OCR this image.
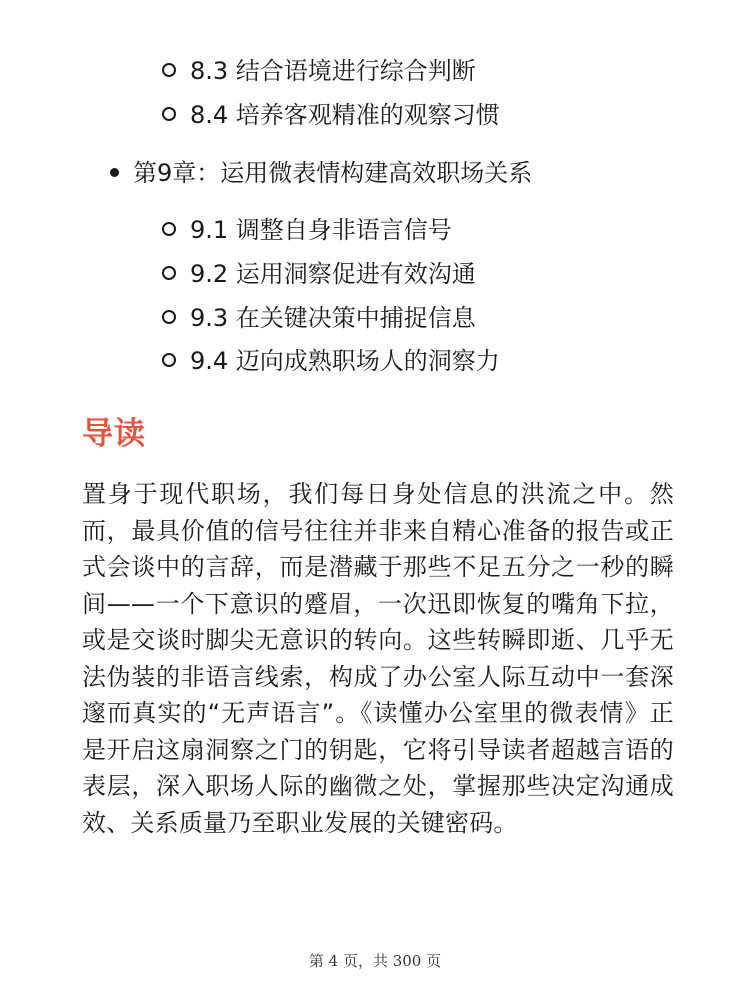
8.3 结合语境进行综合判断
8.4 培养客观精准的观察习惯
第9章：运用微表情构建高效职场关系
9.1 调整自身非语言信号
9.2 运用洞察促进有效沟通
9.3 在关键决策中捕捉信息
9.4 迈向成熟职场人的洞察力
导读
置身于现代职场，我们每日身处信息的洪流之中。然而，最具价值的信号往往并非来自精心准备的报告或正式会谈中的言辞，而是潜藏于那些不足五分之一秒的瞬间——一个下意识的蹙眉，一次迅即恢复的嘴角下拉，或是交谈时脚尖无意识的转向。这些转瞬即逝、几乎无法伪装的非语言线索，构成了办公室人际互动中一套深邃而真实的“无声语言”。《读懂办公室里的微表情》正是开启这扇洞察之门的钥匙，它将引导读者超越言语的表层，深入职场人际的幽微之处，掌握那些决定沟通成效、关系质量乃至职业发展的关键密码。
第 4 页，共 300 页
